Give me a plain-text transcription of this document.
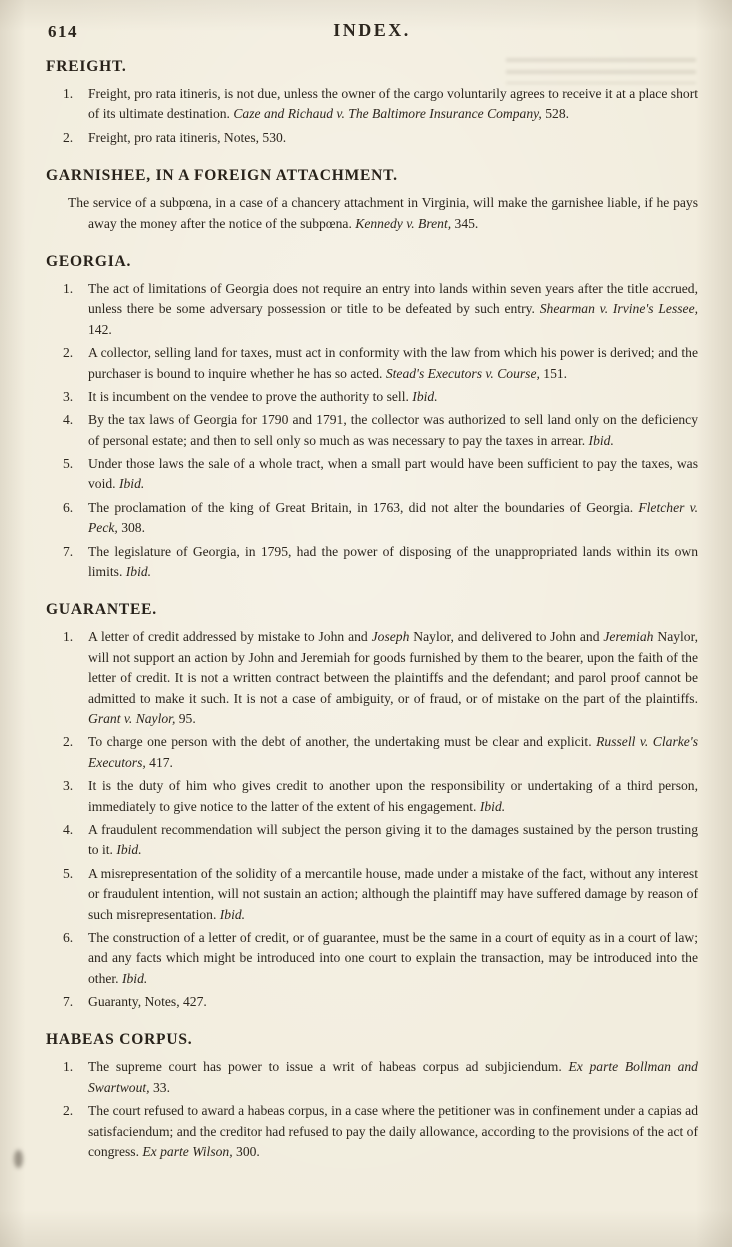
614	INDEX.
FREIGHT.

1. Freight, pro rata itineris, is not due, unless the owner of the cargo voluntarily agrees to receive it at a place short of its ultimate destination. Caze and Richaud v. The Baltimore Insurance Company, 528.

2. Freight, pro rata itineris, Notes, 530.

GARNISHEE, IN A FOREIGN ATTACHMENT.

The service of a subpœna, in a case of a chancery attachment in Virginia, will make the garnishee liable, if he pays away the money after the notice of the subpœna. Kennedy v. Brent, 345.

GEORGIA.

1. The act of limitations of Georgia does not require an entry into lands within seven years after the title accrued, unless there be some adversary possession or title to be defeated by such entry. Shearman v. Irvine's Lessee, 142.

2. A collector, selling land for taxes, must act in conformity with the law from which his power is derived; and the purchaser is bound to inquire whether he has so acted. Stead's Executors v. Course, 151.

3. It is incumbent on the vendee to prove the authority to sell. Ibid.

4. By the tax laws of Georgia for 1790 and 1791, the collector was authorized to sell land only on the deficiency of personal estate; and then to sell only so much as was necessary to pay the taxes in arrear. Ibid.

5. Under those laws the sale of a whole tract, when a small part would have been sufficient to pay the taxes, was void. Ibid.

6. The proclamation of the king of Great Britain, in 1763, did not alter the boundaries of Georgia. Fletcher v. Peck, 308.

7. The legislature of Georgia, in 1795, had the power of disposing of the unappropriated lands within its own limits. Ibid.

GUARANTEE.

1. A letter of credit addressed by mistake to John and Joseph Naylor, and delivered to John and Jeremiah Naylor, will not support an action by John and Jeremiah for goods furnished by them to the bearer, upon the faith of the letter of credit. It is not a written contract between the plaintiffs and the defendant; and parol proof cannot be admitted to make it such. It is not a case of ambiguity, or of fraud, or of mistake on the part of the plaintiffs. Grant v. Naylor, 95.

2. To charge one person with the debt of another, the undertaking must be clear and explicit. Russell v. Clarke's Executors, 417.

3. It is the duty of him who gives credit to another upon the responsibility or undertaking of a third person, immediately to give notice to the latter of the extent of his engagement. Ibid.

4. A fraudulent recommendation will subject the person giving it to the damages sustained by the person trusting to it. Ibid.

5. A misrepresentation of the solidity of a mercantile house, made under a mistake of the fact, without any interest or fraudulent intention, will not sustain an action; although the plaintiff may have suffered damage by reason of such misrepresentation. Ibid.

6. The construction of a letter of credit, or of guarantee, must be the same in a court of equity as in a court of law; and any facts which might be introduced into one court to explain the transaction, may be introduced into the other. Ibid.

7. Guaranty, Notes, 427.

HABEAS CORPUS.

1. The supreme court has power to issue a writ of habeas corpus ad subjiciendum. Ex parte Bollman and Swartwout, 33.

2. The court refused to award a habeas corpus, in a case where the petitioner was in confinement under a capias ad satisfaciendum; and the creditor had refused to pay the daily allowance, according to the provisions of the act of congress. Ex parte Wilson, 300.
